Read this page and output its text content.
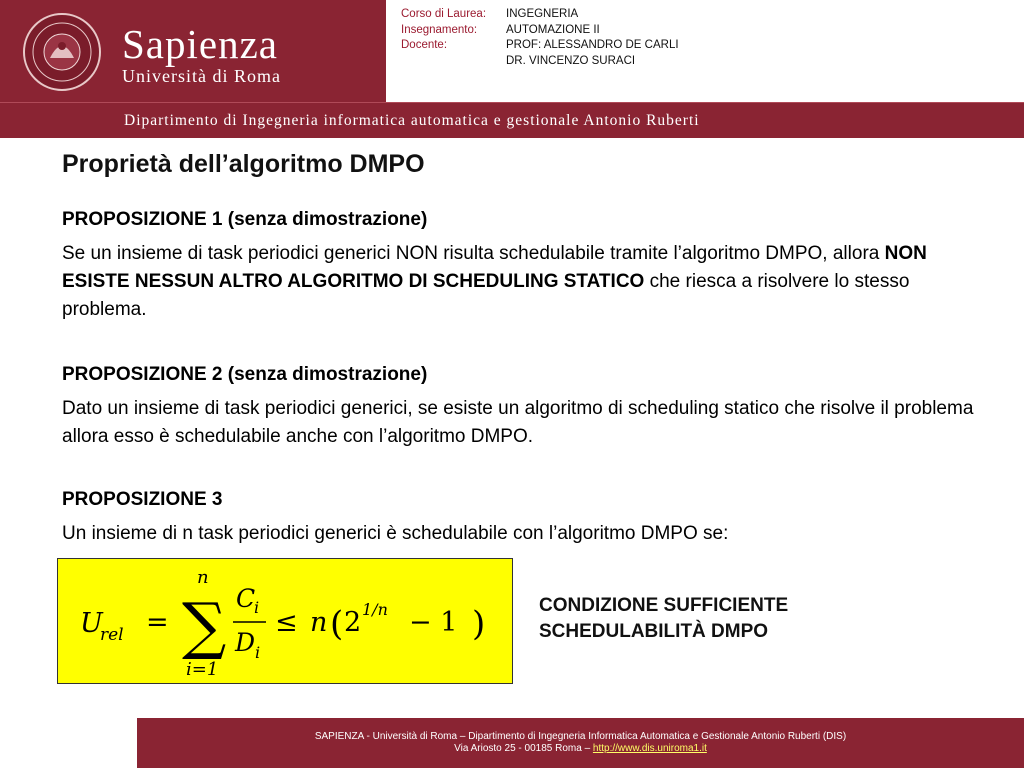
Sapienza
Università di Roma
Corso di Laurea:	INGEGNERIA
Insegnamento:	AUTOMAZIONE II
Docente:	PROF: ALESSANDRO DE CARLI
DR. VINCENZO SURACI
Dipartimento di Ingegneria informatica automatica e gestionale Antonio Ruberti
Proprietà dell’algoritmo DMPO
PROPOSIZIONE 1 (senza dimostrazione)
Se un insieme di task periodici generici NON risulta schedulabile tramite l’algoritmo DMPO, allora NON ESISTE NESSUN ALTRO ALGORITMO DI SCHEDULING STATICO che riesca a risolvere lo stesso problema.
PROPOSIZIONE 2 (senza dimostrazione)
Dato un insieme di task periodici generici, se esiste un algoritmo di scheduling statico che risolve il problema allora esso è schedulabile anche con l’algoritmo DMPO.
PROPOSIZIONE 3
Un insieme di n task periodici generici è schedulabile con l’algoritmo DMPO se:
U
rel =
n
∑
i=1
C
i
D i
≤ n ( 2 1/n − 1 )	CONDIZIONE SUFFICIENTE
SCHEDULABILITÀ DMPO
SAPIENZA - Università di Roma – Dipartimento di Ingegneria Informatica Automatica e Gestionale Antonio Ruberti (DIS)
Via Ariosto 25 - 00185 Roma – http://www.dis.uniroma1.it
